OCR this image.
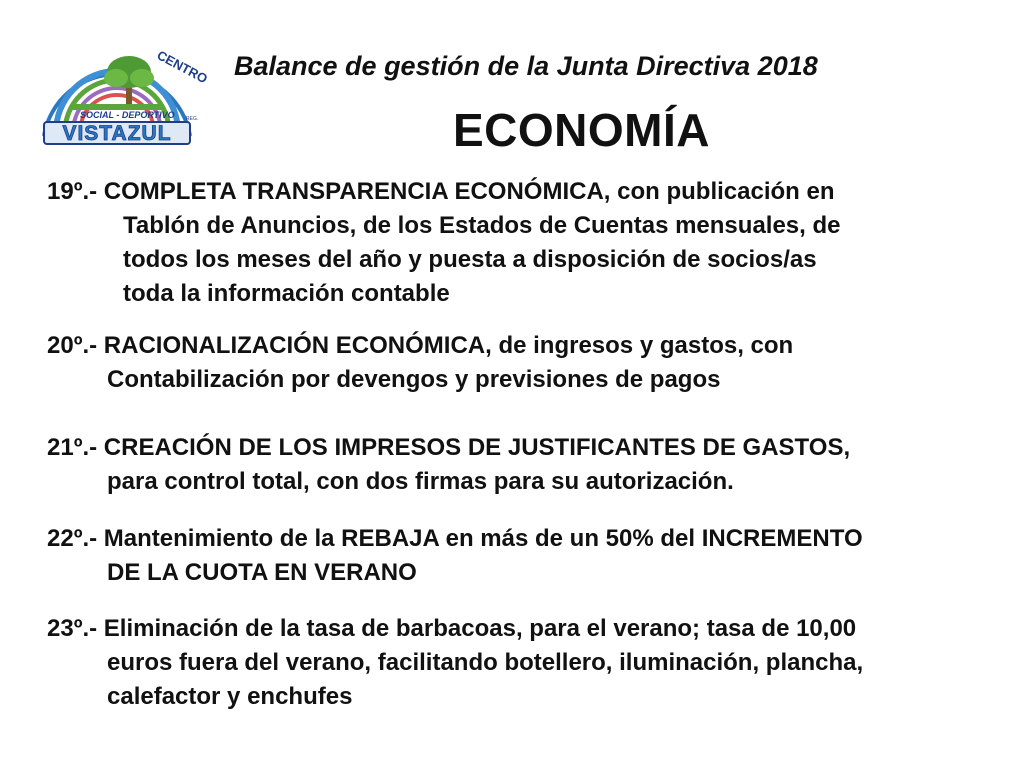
CENTRO
SOCIAL - DEPORTIVO
VISTAZUL
REG.
Balance de gestión de la Junta Directiva 2018
ECONOMÍA
19º.- COMPLETA TRANSPARENCIA ECONÓMICA, con publicación en
Tablón de Anuncios, de los Estados de Cuentas mensuales, de
todos los meses del año y puesta a disposición de socios/as
toda la información contable
20º.- RACIONALIZACIÓN ECONÓMICA, de ingresos y gastos, con
Contabilización por devengos y previsiones de pagos
21º.- CREACIÓN DE LOS IMPRESOS DE JUSTIFICANTES DE GASTOS,
para control total, con dos firmas para su autorización.
22º.- Mantenimiento de la REBAJA en más de un 50% del INCREMENTO
DE LA CUOTA EN VERANO
23º.- Eliminación de la tasa de barbacoas, para el verano; tasa de 10,00
euros fuera del verano, facilitando botellero, iluminación, plancha,
calefactor y enchufes
